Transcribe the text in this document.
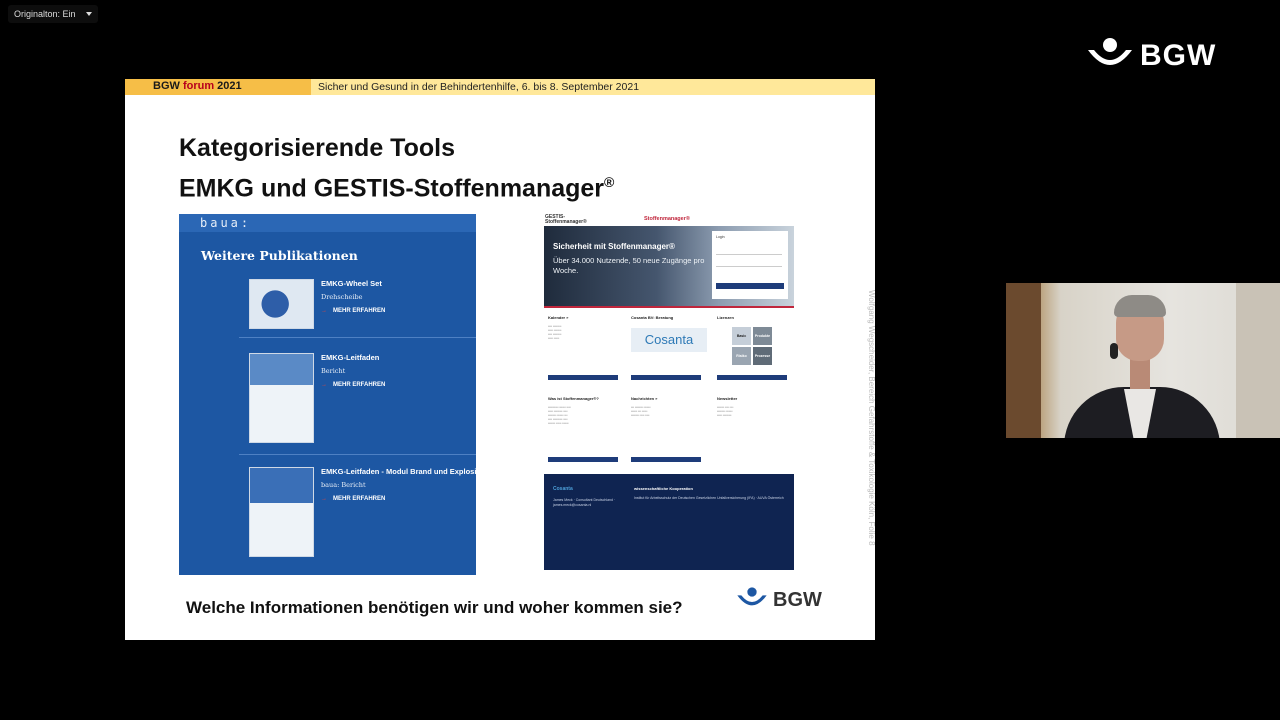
Originalton: Ein
BGW
BGW forum 2021	Sicher und Gesund in der Behindertenhilfe, 6. bis 8. September 2021
Kategorisierende Tools
EMKG und GESTIS-Stoffenmanager®
baua:
Weitere Publikationen
EMKG-Wheel Set
Drehscheibe
→ MEHR ERFAHREN
EMKG-Leitfaden
Bericht
→ MEHR ERFAHREN
EMKG-Leitfaden - Modul Brand und Explosion
baua: Bericht
→ MEHR ERFAHREN
GESTIS-
Stoffenmanager®	Stoffenmanager®
Sicherheit mit Stoffenmanager®
Über 34.000 Nutzende, 50 neue Zugänge pro Woche.
Login
Kalender »
•••• ••••••••
••••• •••••••
•••• ••••••••
••••• •••••
Cosanta BV: Beratung
Cosanta
Lizenzen
Basic	Produkte
Risiko	Prozesse
Was ist Stoffenmanager®?
•••••••••• •••••• ••••
••••• •••••••• ••••
•••••••• •••••• •••
•••• ••••••••• ••••
••••••• ••••• ••••••
Nachrichten »
••• •••••••• ••••••
•••••• ••• •••••
•••••••• •••• ••••
Newsletter
••••••• •••• •••
•••••••• ••••••
••••• ••••••••
Cosanta
James Meck · Consultant Deutschland · james.meck@cosanta.nl
wissenschaftliche Kooperation
Institut für Arbeitsschutz der Deutschen Gesetzlichen Unfallversicherung (IFA) · AUVA Österreich
Welche Informationen benötigen wir und woher kommen sie?	BGW
Wolfgang Wegscheider, Bereich Gefahrstoffe & Toxikologie Köln, Folie 8
